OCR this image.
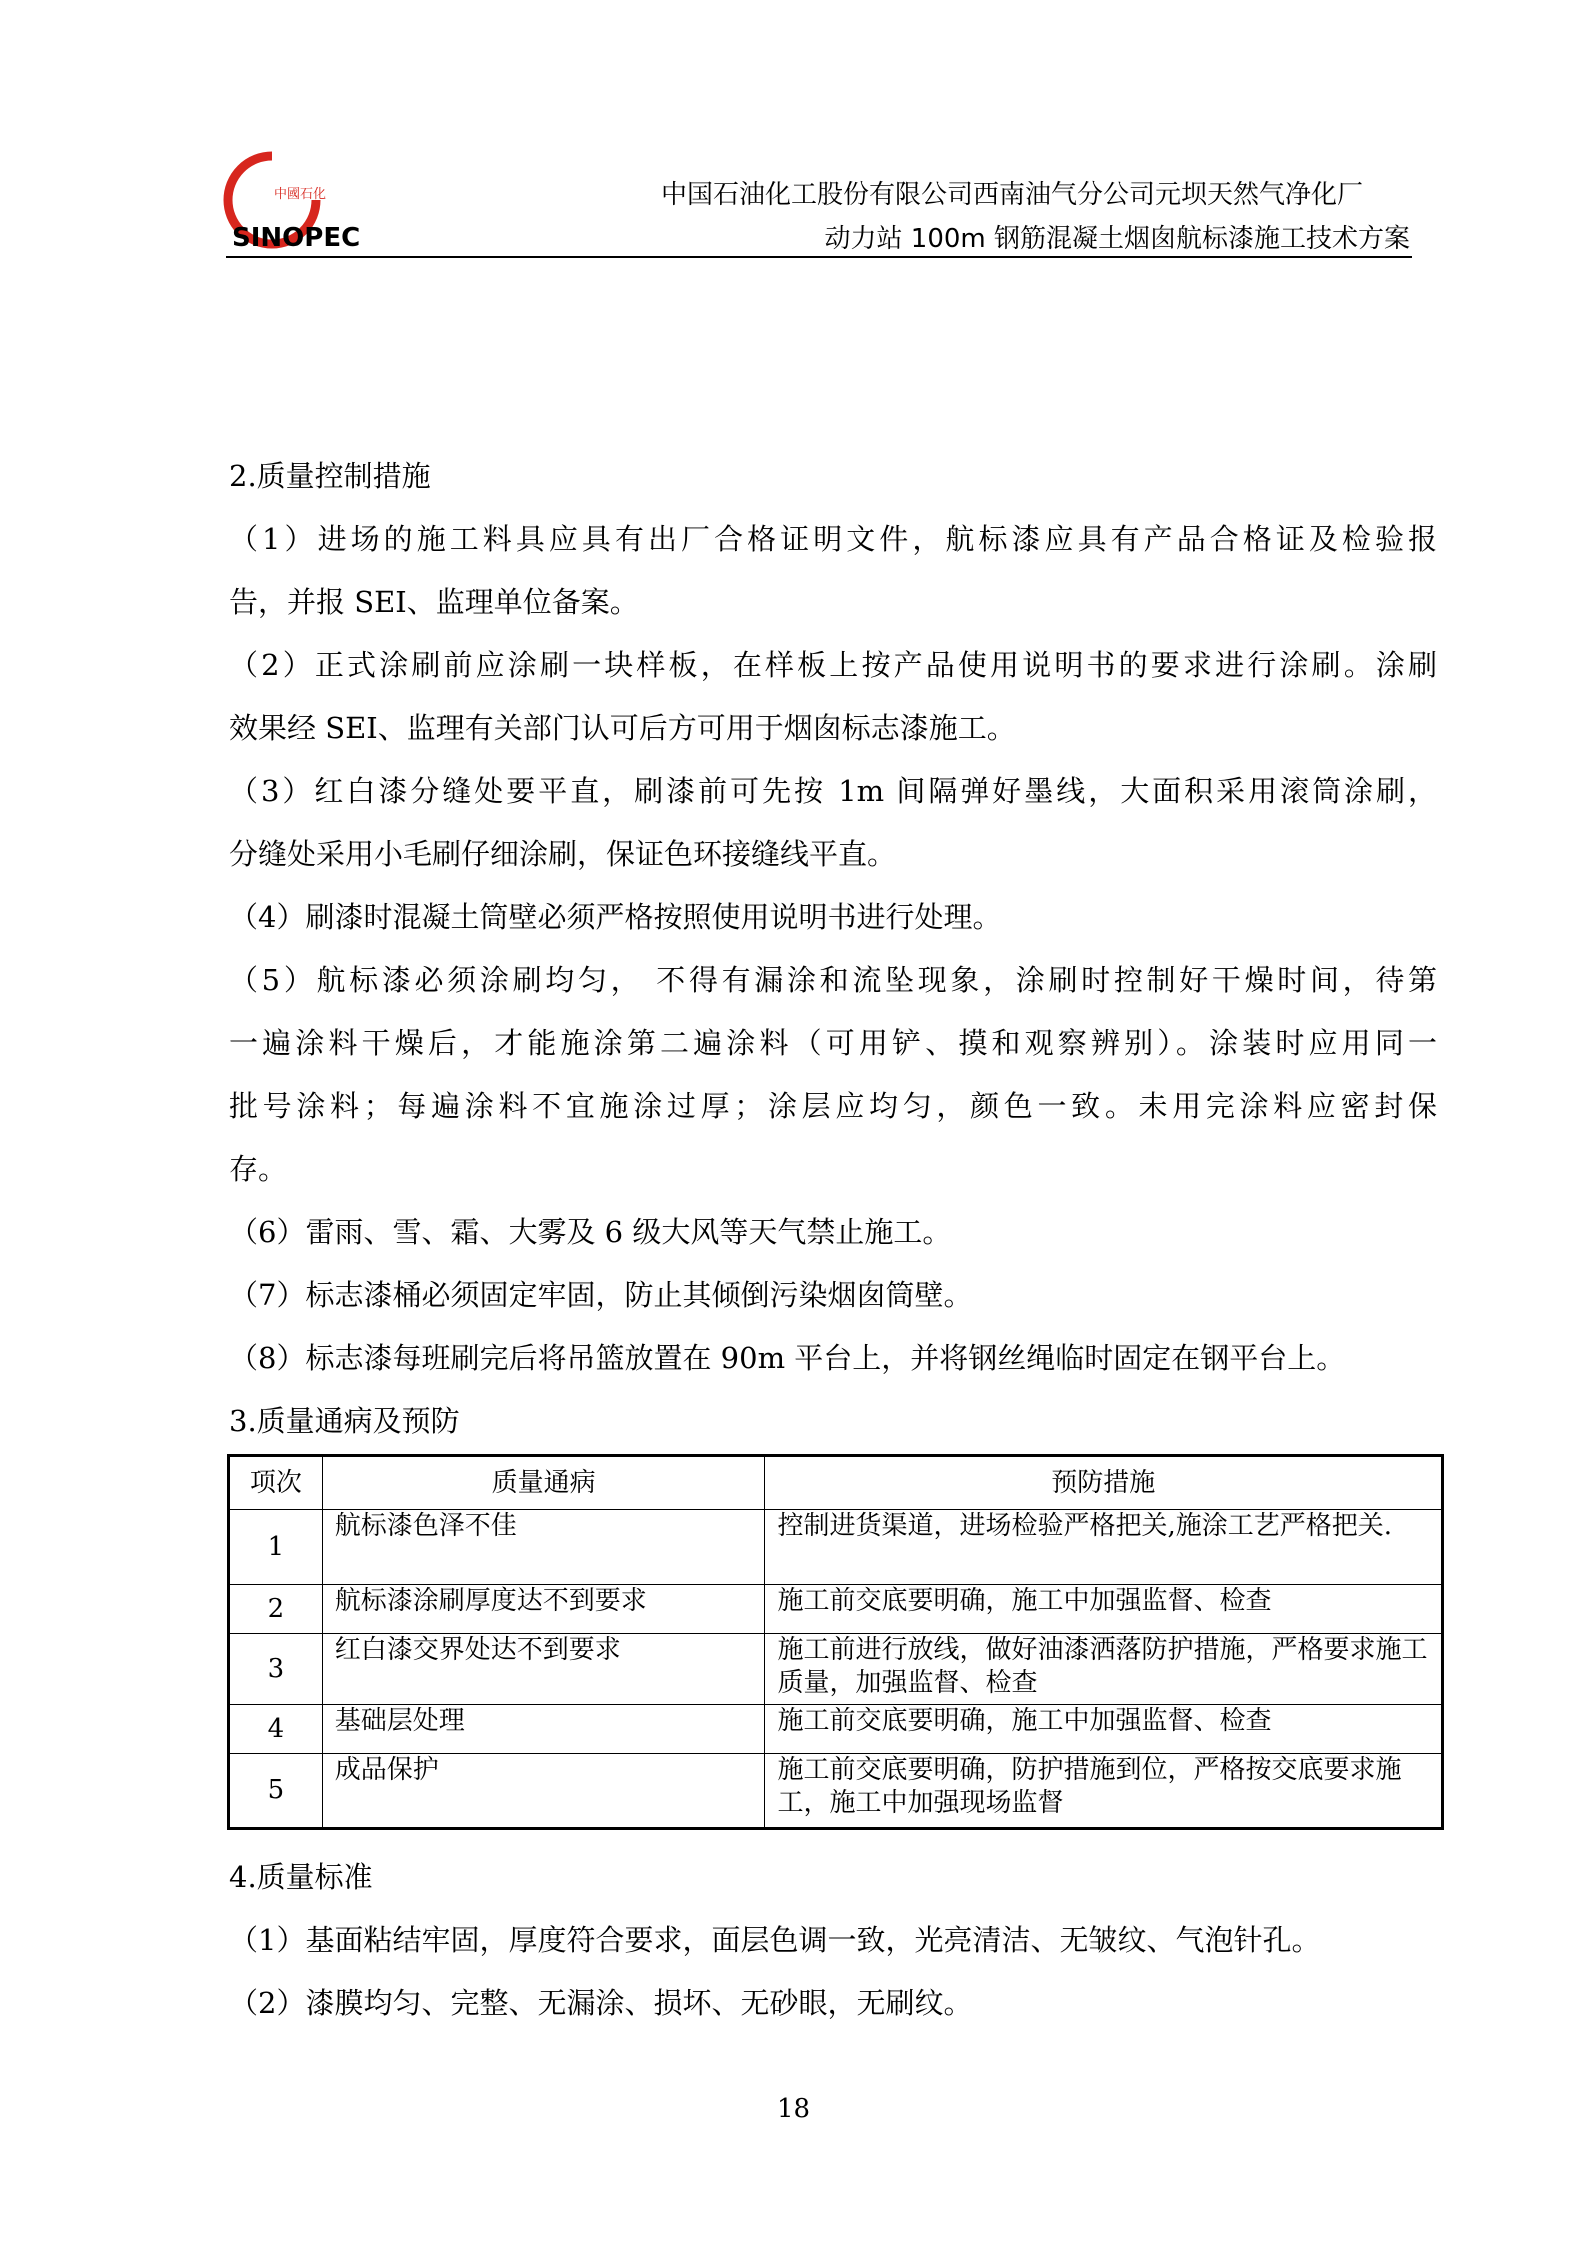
中國石化
SINOPEC
中国石油化工股份有限公司西南油气分公司元坝天然气净化厂
动力站 100m 钢筋混凝土烟囱航标漆施工技术方案
2.质量控制措施
（1）进场的施工料具应具有出厂合格证明文件，航标漆应具有产品合格证及检验报
告，并报 SEI、监理单位备案。
（2）正式涂刷前应涂刷一块样板，在样板上按产品使用说明书的要求进行涂刷。涂刷
效果经 SEI、监理有关部门认可后方可用于烟囱标志漆施工。
（3）红白漆分缝处要平直，刷漆前可先按 1m 间隔弹好墨线，大面积采用滚筒涂刷，
分缝处采用小毛刷仔细涂刷，保证色环接缝线平直。
（4）刷漆时混凝土筒壁必须严格按照使用说明书进行处理。
（5）航标漆必须涂刷均匀， 不得有漏涂和流坠现象，涂刷时控制好干燥时间，待第
一遍涂料干燥后，才能施涂第二遍涂料（可用铲、摸和观察辨别）。涂装时应用同一
批号涂料；每遍涂料不宜施涂过厚；涂层应均匀，颜色一致。未用完涂料应密封保
存。
（6）雷雨、雪、霜、大雾及 6 级大风等天气禁止施工。
（7）标志漆桶必须固定牢固，防止其倾倒污染烟囱筒壁。
（8）标志漆每班刷完后将吊篮放置在 90m 平台上，并将钢丝绳临时固定在钢平台上。
3.质量通病及预防
项次	质量通病	预防措施
1	航标漆色泽不佳	控制进货渠道，进场检验严格把关,施涂工艺严格把关.
2	航标漆涂刷厚度达不到要求	施工前交底要明确，施工中加强监督、检查
3	红白漆交界处达不到要求	施工前进行放线，做好油漆洒落防护措施，严格要求施工质量，加强监督、检查
4	基础层处理	施工前交底要明确，施工中加强监督、检查
5	成品保护	施工前交底要明确，防护措施到位，严格按交底要求施工，施工中加强现场监督
4.质量标准
（1）基面粘结牢固，厚度符合要求，面层色调一致，光亮清洁、无皱纹、气泡针孔。
（2）漆膜均匀、完整、无漏涂、损坏、无砂眼，无刷纹。
18
